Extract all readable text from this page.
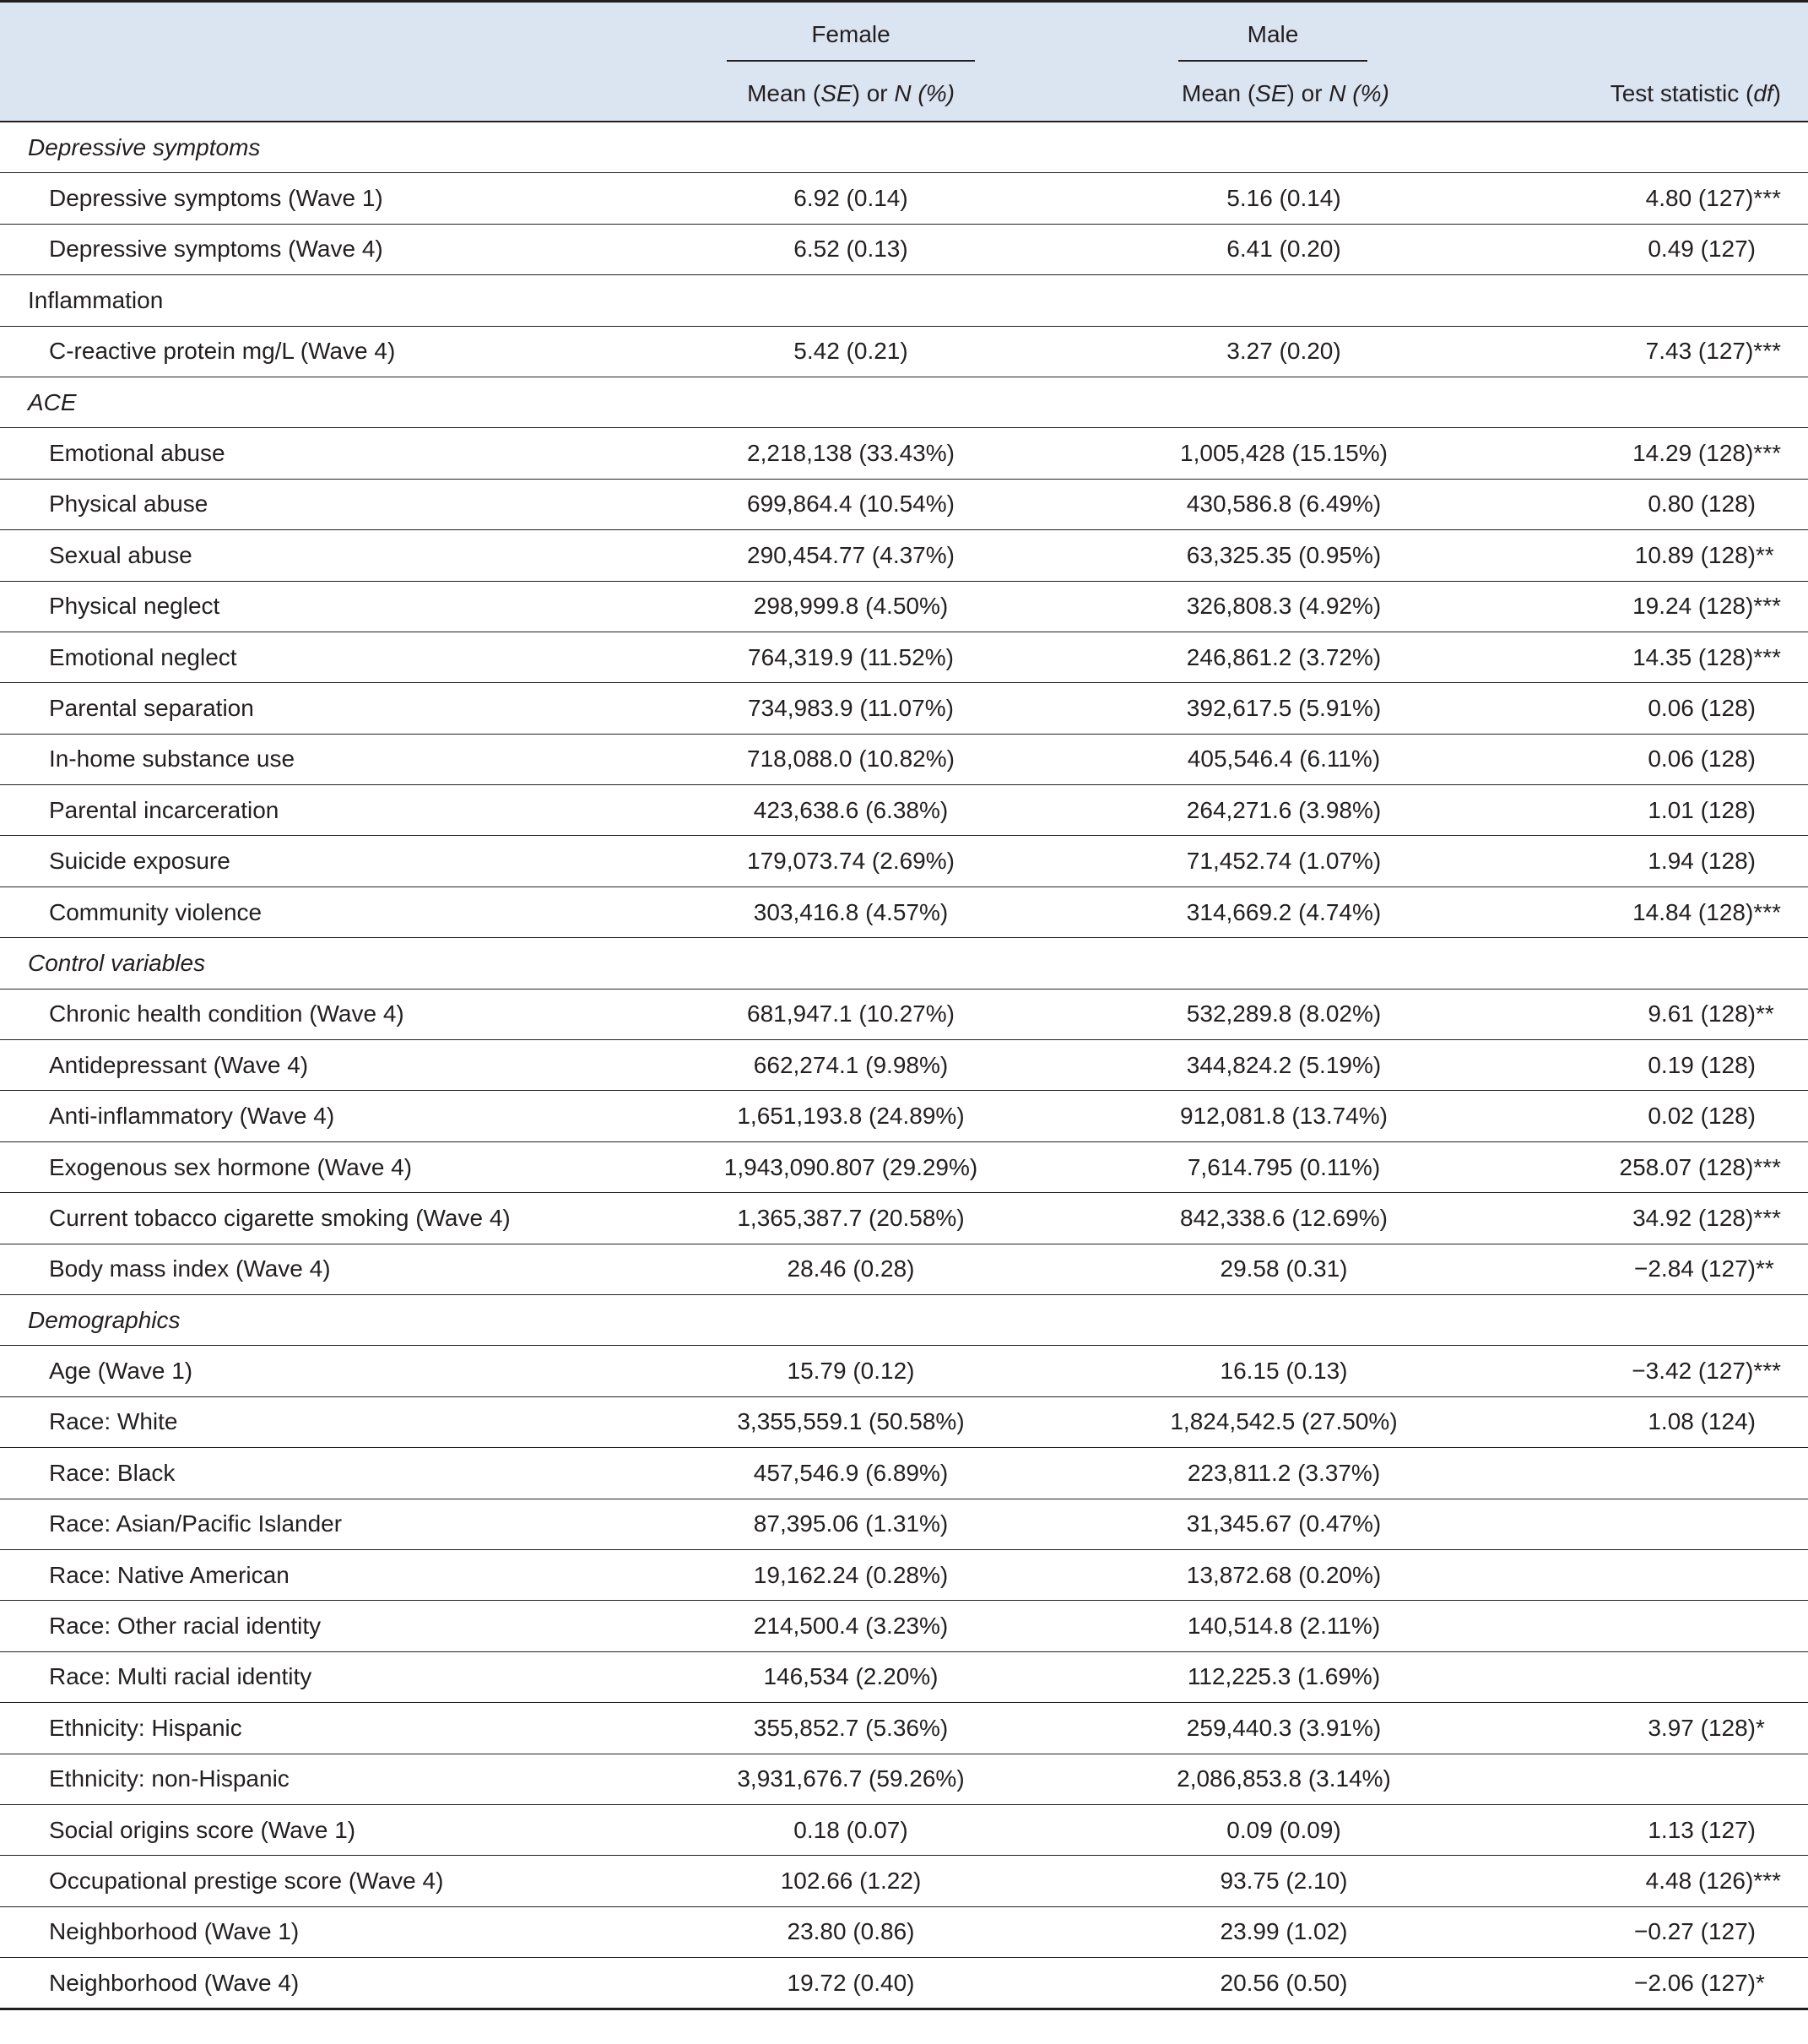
	Female	Male	
	Mean (SE) or N (%)	Mean (SE) or N (%)	Test statistic (df)
Depressive symptoms			
Depressive symptoms (Wave 1)	6.92 (0.14)	5.16 (0.14)	4.80 (127)***
Depressive symptoms (Wave 4)	6.52 (0.13)	6.41 (0.20)	0.49 (127)
Inflammation			
C-reactive protein mg/L (Wave 4)	5.42 (0.21)	3.27 (0.20)	7.43 (127)***
ACE			
Emotional abuse	2,218,138 (33.43%)	1,005,428 (15.15%)	14.29 (128)***
Physical abuse	699,864.4 (10.54%)	430,586.8 (6.49%)	0.80 (128)
Sexual abuse	290,454.77 (4.37%)	63,325.35 (0.95%)	10.89 (128)**
Physical neglect	298,999.8 (4.50%)	326,808.3 (4.92%)	19.24 (128)***
Emotional neglect	764,319.9 (11.52%)	246,861.2 (3.72%)	14.35 (128)***
Parental separation	734,983.9 (11.07%)	392,617.5 (5.91%)	0.06 (128)
In-home substance use	718,088.0 (10.82%)	405,546.4 (6.11%)	0.06 (128)
Parental incarceration	423,638.6 (6.38%)	264,271.6 (3.98%)	1.01 (128)
Suicide exposure	179,073.74 (2.69%)	71,452.74 (1.07%)	1.94 (128)
Community violence	303,416.8 (4.57%)	314,669.2 (4.74%)	14.84 (128)***
Control variables			
Chronic health condition (Wave 4)	681,947.1 (10.27%)	532,289.8 (8.02%)	9.61 (128)**
Antidepressant (Wave 4)	662,274.1 (9.98%)	344,824.2 (5.19%)	0.19 (128)
Anti-inflammatory (Wave 4)	1,651,193.8 (24.89%)	912,081.8 (13.74%)	0.02 (128)
Exogenous sex hormone (Wave 4)	1,943,090.807 (29.29%)	7,614.795 (0.11%)	258.07 (128)***
Current tobacco cigarette smoking (Wave 4)	1,365,387.7 (20.58%)	842,338.6 (12.69%)	34.92 (128)***
Body mass index (Wave 4)	28.46 (0.28)	29.58 (0.31)	−2.84 (127)**
Demographics			
Age (Wave 1)	15.79 (0.12)	16.15 (0.13)	−3.42 (127)***
Race: White	3,355,559.1 (50.58%)	1,824,542.5 (27.50%)	1.08 (124)
Race: Black	457,546.9 (6.89%)	223,811.2 (3.37%)	
Race: Asian/Pacific Islander	87,395.06 (1.31%)	31,345.67 (0.47%)	
Race: Native American	19,162.24 (0.28%)	13,872.68 (0.20%)	
Race: Other racial identity	214,500.4 (3.23%)	140,514.8 (2.11%)	
Race: Multi racial identity	146,534 (2.20%)	112,225.3 (1.69%)	
Ethnicity: Hispanic	355,852.7 (5.36%)	259,440.3 (3.91%)	3.97 (128)*
Ethnicity: non-Hispanic	3,931,676.7 (59.26%)	2,086,853.8 (3.14%)	
Social origins score (Wave 1)	0.18 (0.07)	0.09 (0.09)	1.13 (127)
Occupational prestige score (Wave 4)	102.66 (1.22)	93.75 (2.10)	4.48 (126)***
Neighborhood (Wave 1)	23.80 (0.86)	23.99 (1.02)	−0.27 (127)
Neighborhood (Wave 4)	19.72 (0.40)	20.56 (0.50)	−2.06 (127)*
